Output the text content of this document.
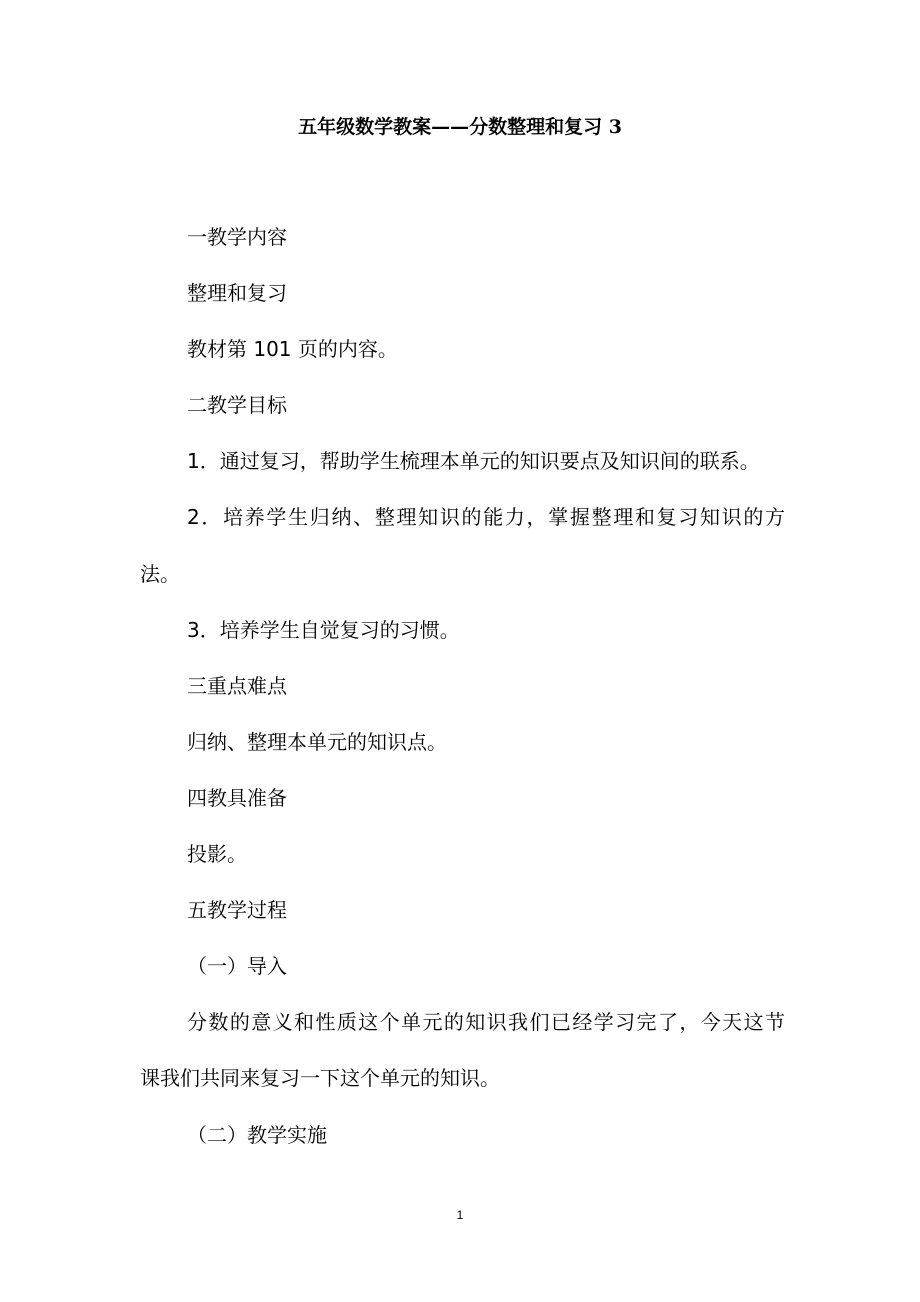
五年级数学教案——分数整理和复习 3
一教学内容
整理和复习
教材第 101 页的内容。
二教学目标
1．通过复习，帮助学生梳理本单元的知识要点及知识间的联系。
2．培养学生归纳、整理知识的能力，掌握整理和复习知识的方
法。
3．培养学生自觉复习的习惯。
三重点难点
归纳、整理本单元的知识点。
四教具准备
投影。
五教学过程
（一）导入
分数的意义和性质这个单元的知识我们已经学习完了，今天这节
课我们共同来复习一下这个单元的知识。
（二）教学实施
1
